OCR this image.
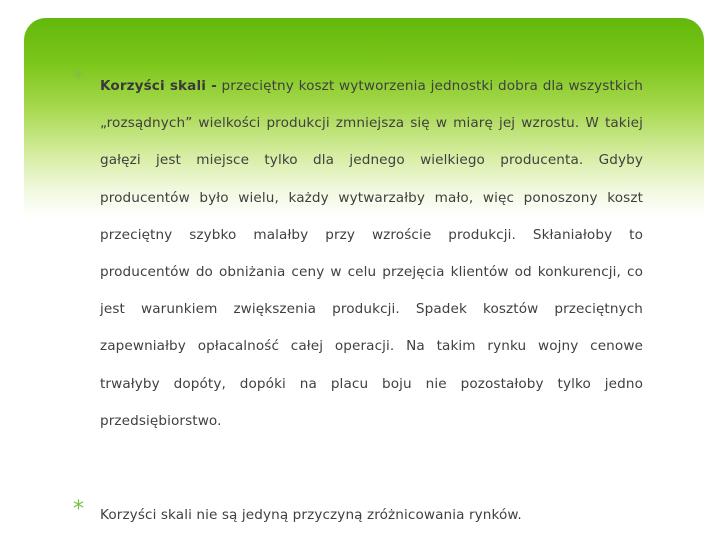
* Korzyści skali - przeciętny koszt wytworzenia jednostki dobra dla wszystkich „rozsądnych” wielkości produkcji zmniejsza się w miarę jej wzrostu. W takiej gałęzi jest miejsce tylko dla jednego wielkiego producenta. Gdyby producentów było wielu, każdy wytwarzałby mało, więc ponoszony koszt przeciętny szybko malałby przy wzroście produkcji. Skłaniałoby to producentów do obniżania ceny w celu przejęcia klientów od konkurencji, co jest warunkiem zwiększenia produkcji. Spadek kosztów przeciętnych zapewniałby opłacalność całej operacji. Na takim rynku wojny cenowe trwałyby dopóty, dopóki na placu boju nie pozostałoby tylko jedno przedsiębiorstwo.

* Korzyści skali nie są jedyną przyczyną zróżnicowania rynków.
